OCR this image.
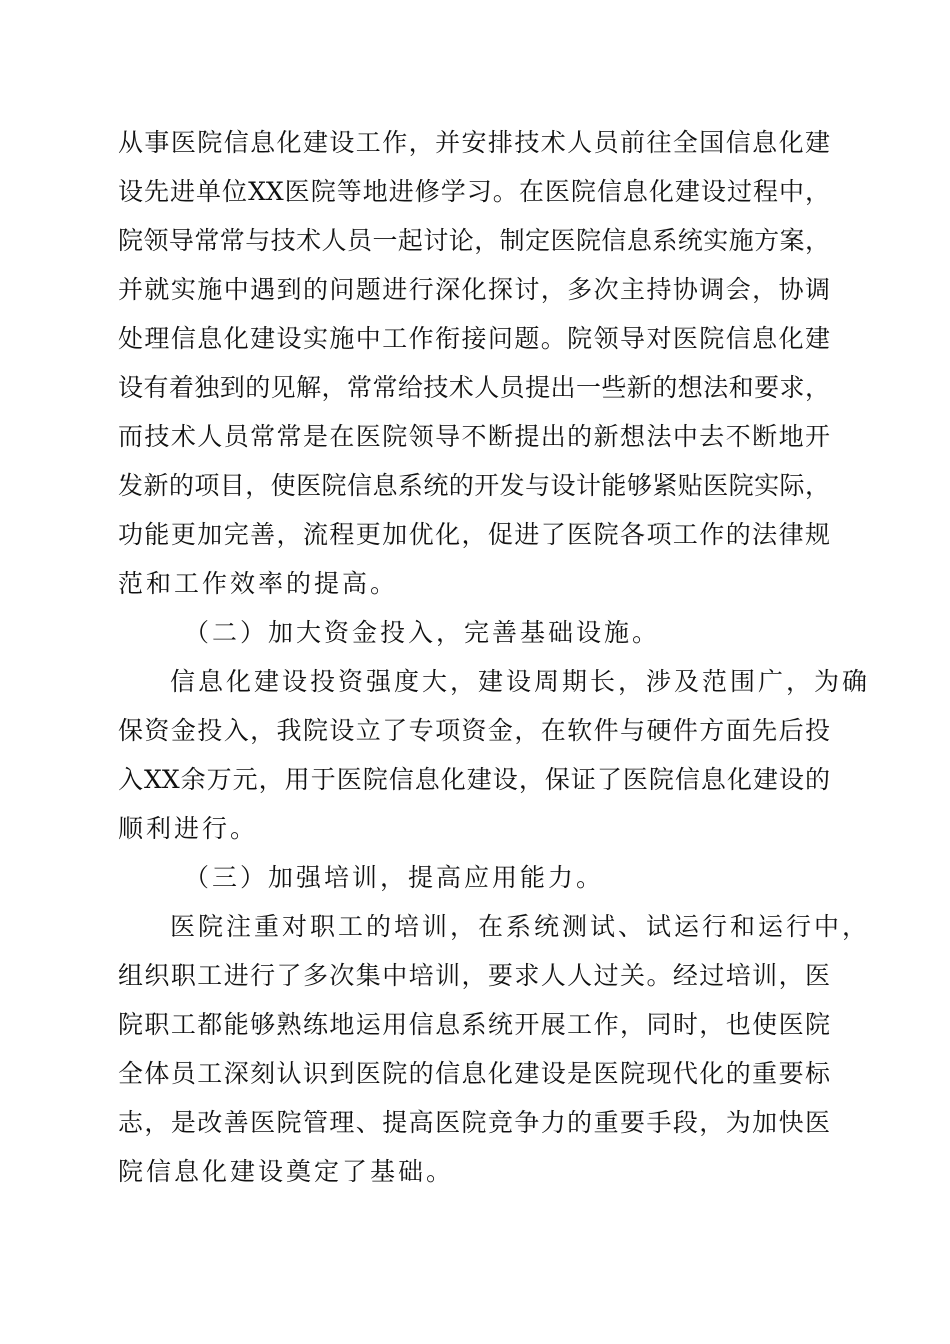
从事医院信息化建设工作，并安排技术人员前往全国信息化建
设先进单位XX医院等地进修学习。在医院信息化建设过程中，
院领导常常与技术人员一起讨论，制定医院信息系统实施方案，
并就实施中遇到的问题进行深化探讨，多次主持协调会，协调
处理信息化建设实施中工作衔接问题。院领导对医院信息化建
设有着独到的见解，常常给技术人员提出一些新的想法和要求，
而技术人员常常是在医院领导不断提出的新想法中去不断地开
发新的项目，使医院信息系统的开发与设计能够紧贴医院实际，
功能更加完善，流程更加优化，促进了医院各项工作的法律规
范和工作效率的提高。
（二）加大资金投入，完善基础设施。
信息化建设投资强度大，建设周期长，涉及范围广，为确
保资金投入，我院设立了专项资金，在软件与硬件方面先后投
入XX余万元，用于医院信息化建设，保证了医院信息化建设的
顺利进行。
（三）加强培训，提高应用能力。
医院注重对职工的培训，在系统测试、试运行和运行中，
组织职工进行了多次集中培训，要求人人过关。经过培训，医
院职工都能够熟练地运用信息系统开展工作，同时，也使医院
全体员工深刻认识到医院的信息化建设是医院现代化的重要标
志，是改善医院管理、提高医院竞争力的重要手段，为加快医
院信息化建设奠定了基础。
